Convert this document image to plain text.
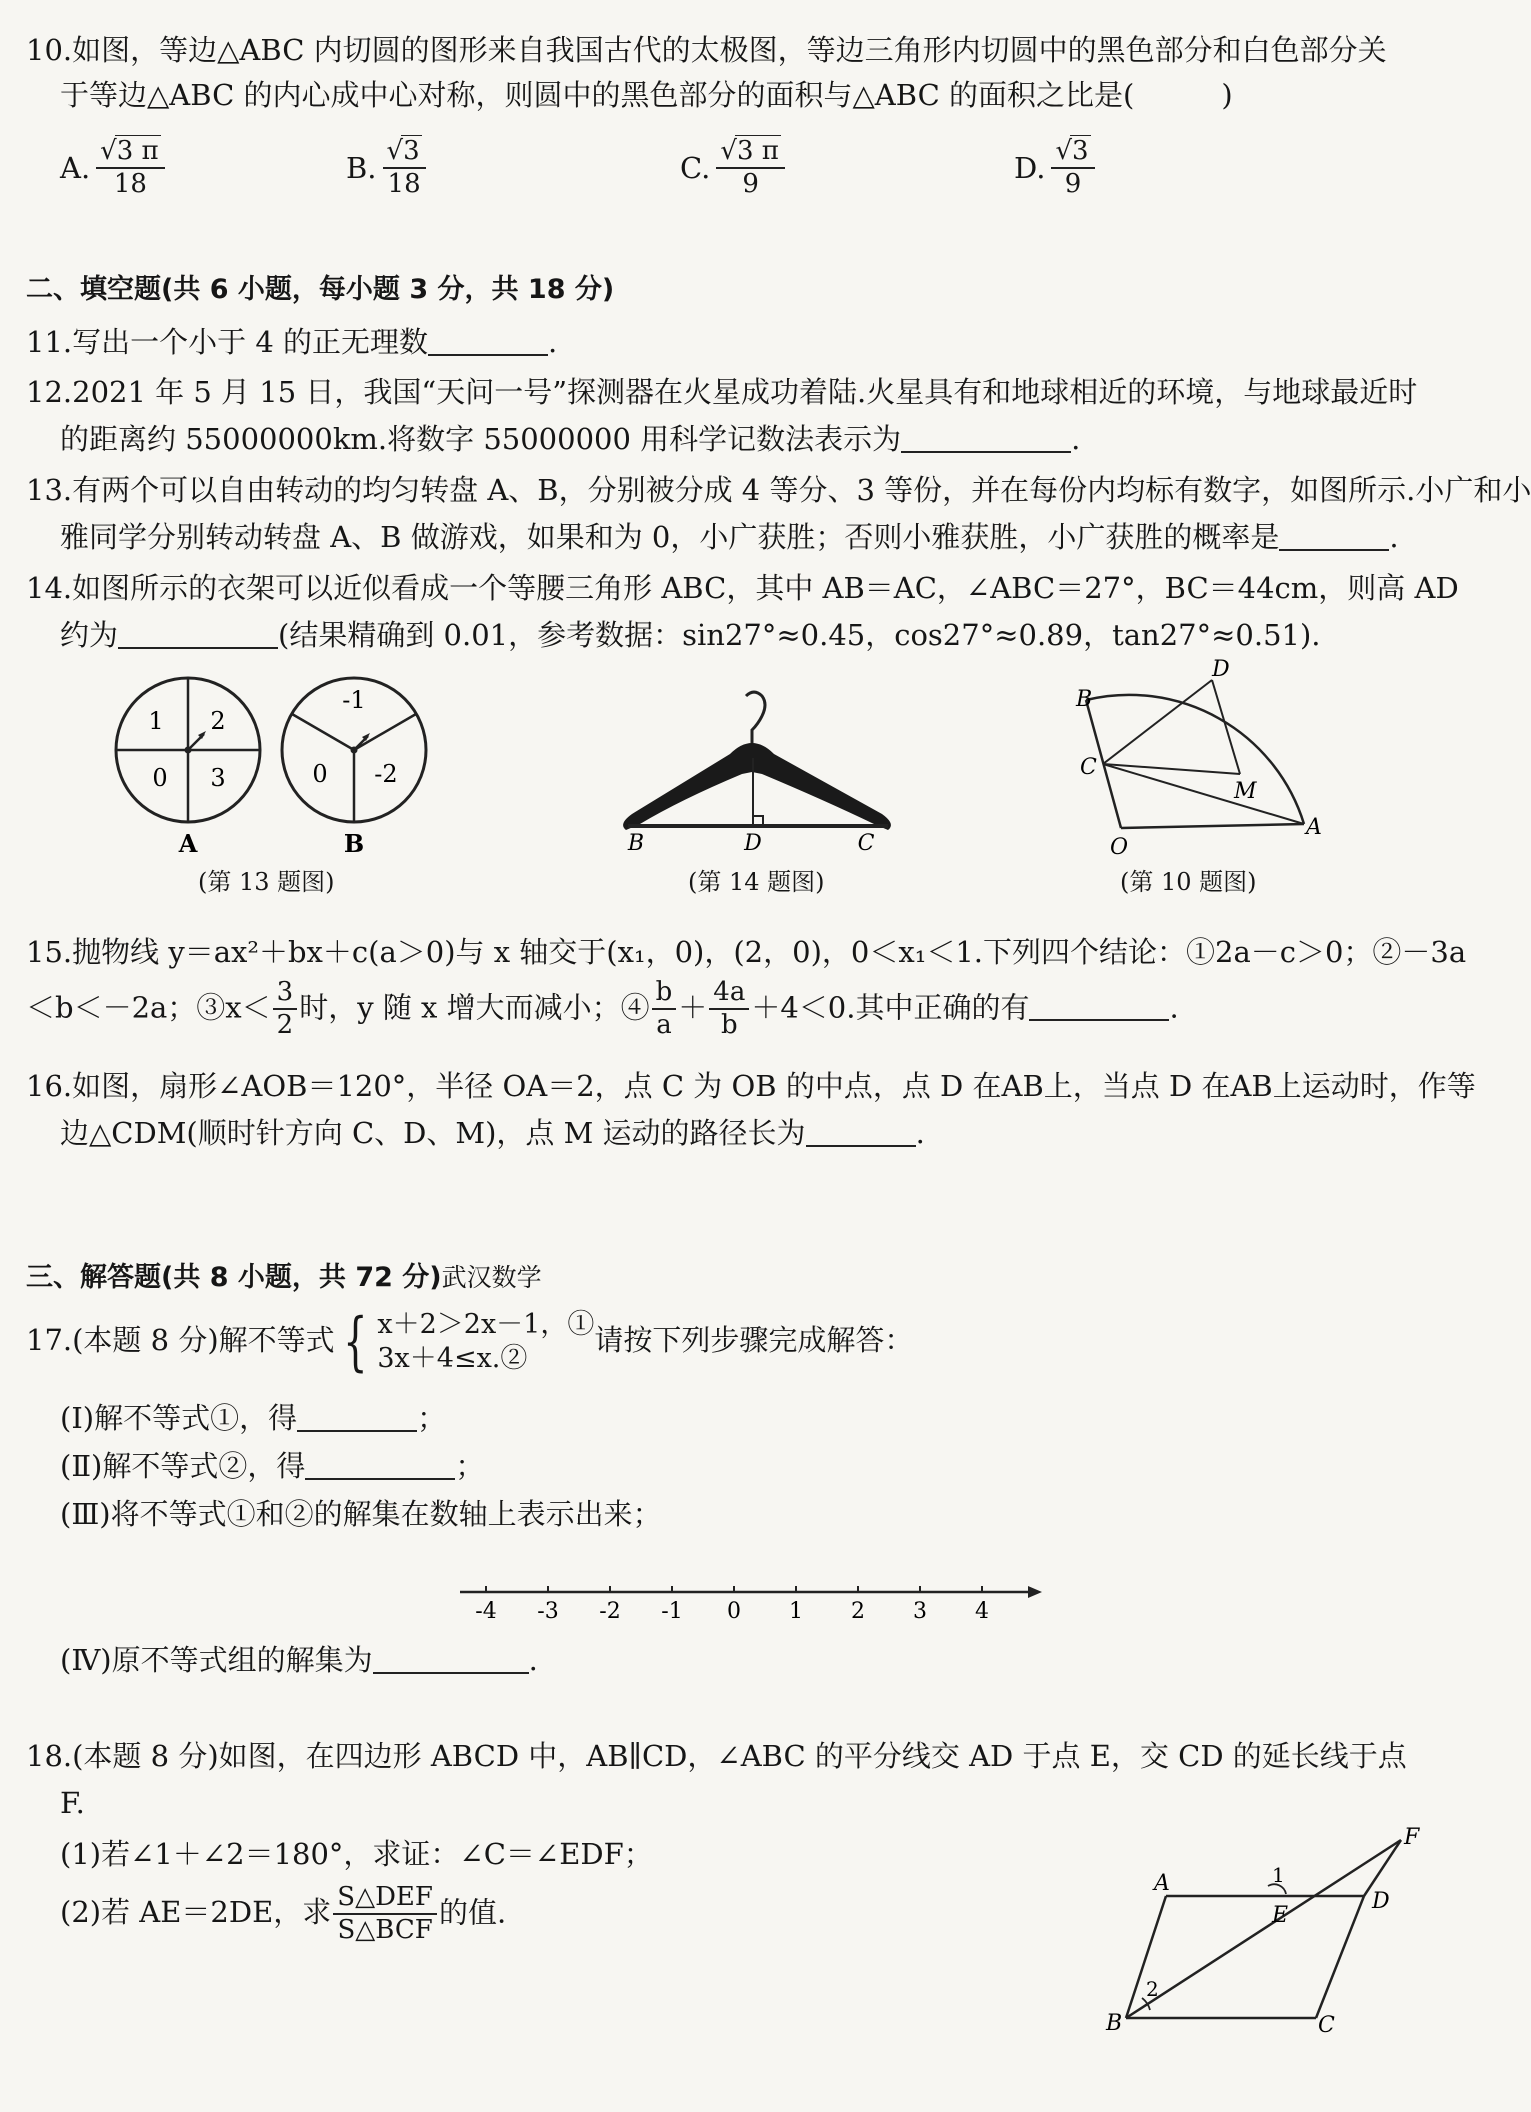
10.如图，等边△ABC 内切圆的图形来自我国古代的太极图，等边三角形内切圆中的黑色部分和白色部分关
于等边△ABC 的内心成中心对称，则圆中的黑色部分的面积与△ABC 的面积之比是(　　　)
A. $\frac{√3 \pi}{18}$	B. $\frac{√3}{18}$	C. $\frac{√3 \pi}{9}$	D. $\frac{√3}{9}$
二、填空题(共 6 小题，每小题 3 分，共 18 分)
11.写出一个小于 4 的正无理数	.
12.2021 年 5 月 15 日，我国“天问一号”探测器在火星成功着陆.火星具有和地球相近的环境，与地球最近时
的距离约 55000000km.将数字 55000000 用科学记数法表示为	.
13.有两个可以自由转动的均匀转盘 A、B，分别被分成 4 等分、3 等份，并在每份内均标有数字，如图所示.小广和小
雅同学分别转动转盘 A、B 做游戏，如果和为 0，小广获胜；否则小雅获胜，小广获胜的概率是	.
14.如图所示的衣架可以近似看成一个等腰三角形 ABC，其中 AB＝AC，∠ABC＝27°，BC＝44cm，则高 AD
约为	(结果精确到 0.01，参考数据：sin27°≈0.45，cos27°≈0.89，tan27°≈0.51).
1 2
0 3
A
-1
0 -2
B
(第 13 题图)
B	D	C
(第 14 题图)
B
D
C
M
O
A
(第 10 题图)
15.抛物线 y＝ax²＋bx＋c(a＞0)与 x 轴交于(x₁，0)，(2，0)，0＜x₁＜1.下列四个结论：①2a－c＞0；②－3a
＜b＜－2a；③x＜ $\frac{3}{2}$ 时，y 随 x 增大而减小；④ $\frac{b}{a} + \frac{4a}{b} +4<0$.其中正确的有	.
16.如图，扇形∠AOB＝120°，半径 OA＝2，点 C 为 OB 的中点，点 D 在AB上，当点 D 在AB上运动时，作等
边△CDM(顺时针方向 C、D、M)，点 M 运动的路径长为	.
三、解答题(共 8 小题，共 72 分)武汉数学
17.(本题 8 分)解不等式 { x＋2＞2x－1，①
3x＋4≤x.②
请按下列步骤完成解答：
(Ⅰ)解不等式①，得	；
(Ⅱ)解不等式②，得	；
(Ⅲ)将不等式①和②的解集在数轴上表示出来；
-4 -3 -2 -1 0 1 2 3 4
(Ⅳ)原不等式组的解集为	.
18.(本题 8 分)如图，在四边形 ABCD 中，AB∥CD，∠ABC 的平分线交 AD 于点 E，交 CD 的延长线于点
F.
(1)若∠1＋∠2＝180°，求证：∠C＝∠EDF；
(2)若 AE＝2DE，求 $\frac{\text{S△DEF}}{\text{S△BCF}}$ 的值.
A
E
D
F
B	C
1
2
